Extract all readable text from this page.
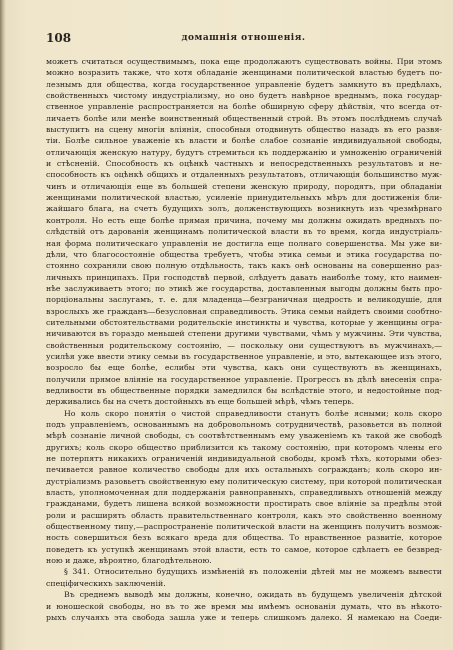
108	домашнiя отношенiя.
можетъ считаться осуществимымъ, пока еще продолжаютъ существовать войны. При этомъ
можно возразить также, что хотя обладанiе женщинами политической властью будетъ по-
лезнымъ для общества, когда государственное управленiе будетъ замкнуто въ предѣлахъ,
свойственныхъ чистому индустрiализму, но оно будетъ навѣрное вреднымъ, пока государ-
ственное управленiе распространяется на болѣе обширную сферу дѣйствiя, что всегда от-
личаетъ болѣе или менѣе воинственный общественный строй. Въ этомъ послѣднемъ случаѣ
выступитъ на сцену многiя влiянiя, способныя отодвинуть общество назадъ въ его развя-
тiи. Болѣе сильное уваженiе къ власти и болѣе слабое сознанiе индивидуальной свободы,
отличающiя женскую натуру, будутъ стремиться къ поддержанiю и умноженiю ограниченiй
и стѣсненiй. Способность къ оцѣнкѣ частныхъ и непосредственныхъ результатовъ и не-
способность къ оцѣнкѣ общихъ и отдаленныхъ результатовъ, отличающiя большинство муж-
чинъ и отличающiя еще въ большей степени женскую природу, породятъ, при обладанiи
женщинами политической властью, усиленiе принудительныхъ мѣръ для достиженiя бли-
жайшаго блага, на счетъ будущихъ золъ, долженствующихъ возникнуть изъ чрезмѣрнаго
контроля. Но есть еще болѣе прямая причина, почему мы должны ожидать вредныхъ по-
слѣдствiй отъ дарованiя женщинамъ политической власти въ то время, когда индустрiаль-
ная форма политическаго управленiя не достигла еще полнаго совершенства. Мы уже ви-
дѣли, что благосостоянiе общества требуетъ, чтобы этика семьи и этика государства по-
стоянно сохраняли свою полную отдѣльность, такъ какъ онѣ основаны на совершенно раз-
личныхъ принципахъ. При господствѣ первой, слѣдуетъ давать наиболѣе тому, кто наимен-
нѣе заслуживаетъ этого; по этикѣ же государства, доставленныя выгоды должны быть про-
порцiональны заслугамъ, т. е. для младенца—безграничная щедрость и великодушiе, для
взрослыхъ же гражданъ—безусловная справедливость. Этика семьи найдетъ своими сообтно-
сительными обстоятельствами родительскiе инстинкты и чувства, которые у женщины огра-
ничиваются въ гораздо меньшей степени другими чувствами, чѣмъ у мужчины. Эти чувства,
свойственныя родительскому состоянiю, — поскольку они существуютъ въ мужчинахъ,—
усилѣя уже ввести этику семьи въ государственное управленiе, и это, вытекающее изъ этого,
возросло бы еще болѣе, еслибы эти чувства, какъ они существуютъ въ женщинахъ,
получили прямое влiянiе на государственное управленiе. Прогрессъ въ дѣлѣ внесенiя спра-
ведливости въ общественные порядки замедлился бы вслѣдствiе этого, и недостойные под-
держивались бы на счетъ достойныхъ въ еще большей мѣрѣ, чѣмъ теперь.
Но коль скоро понятiя о чистой справедливости станутъ болѣе ясными; коль скоро
подъ управленiемъ, основаннымъ на добровольномъ сотрудничествѣ, разовьется въ полной
мѣрѣ сознанiе личной свободы, съ соотвѣтственнымъ ему уваженiемъ къ такой же свободѣ
другихъ; коль скоро общество приблизится къ такому состоянiю, при которомъ члены его
не потерпятъ никакихъ ограниченiй индивидуальной свободы, кромѣ тѣхъ, которыми обез-
печивается равное количество свободы для ихъ остальныхъ согражданъ; коль скоро ин-
дустрiализмъ разовьетъ свойственную ему политическую систему, при которой политическая
власть, уполномоченная для поддержанiя равноправныхъ, справедливыхъ отношенiй между
гражданами, будетъ лишена всякой возможности простирать свое влiянiе за предѣлы этой
роли и расширять область правительственнаго контроля, какъ это свойственно военному
общественному типу,—распространенiе политической власти на женщинъ получитъ возмож-
ность совершиться безъ всякаго вреда для общества. То нравственное развитiе, которое
поведетъ къ уступкѣ женщинамъ этой власти, есть то самое, которое сдѣлаетъ ее безвред-
ною и даже, вѣроятно, благодѣтельною.
§ 341. Относительно будущихъ измѣненiй въ положенiи дѣтей мы не можемъ вывести
спецiфическихъ заключенiй.
Въ среднемъ выводѣ мы должны, конечно, ожидать въ будущемъ увеличенiя дѣтской
и юношеской свободы, но въ то же время мы имѣемъ основанiя думать, что въ нѣкото-
рыхъ случаяхъ эта свобода зашла уже и теперь слишкомъ далеко. Я намекаю на Соеди-
